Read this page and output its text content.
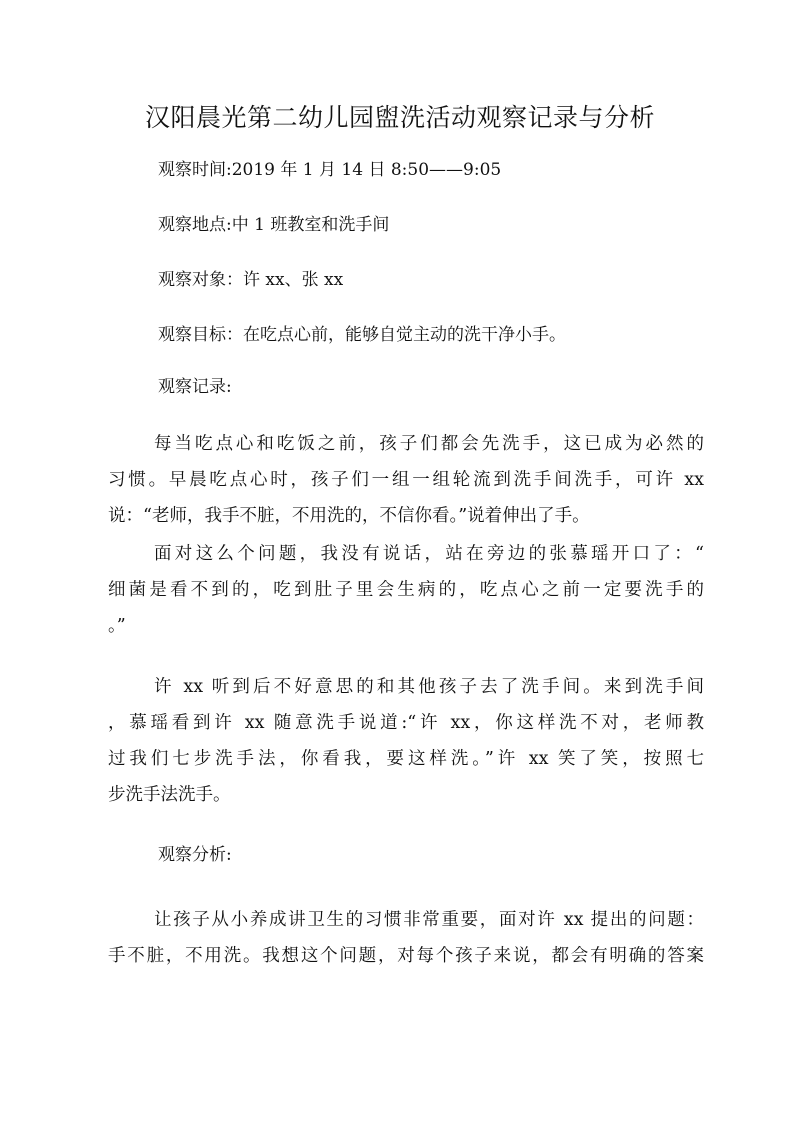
汉阳晨光第二幼儿园盥洗活动观察记录与分析
观察时间:2019 年 1 月 14 日 8:50——9:05
观察地点:中 1 班教室和洗手间
观察对象：许 xx、张 xx
观察目标：在吃点心前，能够自觉主动的洗干净小手。
观察记录:
每当吃点心和吃饭之前，孩子们都会先洗手，这已成为必然的
习惯。早晨吃点心时，孩子们一组一组轮流到洗手间洗手，可许 xx
说：“老师，我手不脏，不用洗的，不信你看。”说着伸出了手。
面对这么个问题，我没有说话，站在旁边的张慕瑶开口了：“
细菌是看不到的，吃到肚子里会生病的，吃点心之前一定要洗手的
。”
许 xx 听到后不好意思的和其他孩子去了洗手间。来到洗手间
，慕瑶看到许 xx 随意洗手说道:“许 xx，你这样洗不对，老师教
过我们七步洗手法，你看我，要这样洗。”许 xx 笑了笑，按照七
步洗手法洗手。
观察分析:
让孩子从小养成讲卫生的习惯非常重要，面对许 xx 提出的问题：
手不脏，不用洗。我想这个问题，对每个孩子来说，都会有明确的答案
